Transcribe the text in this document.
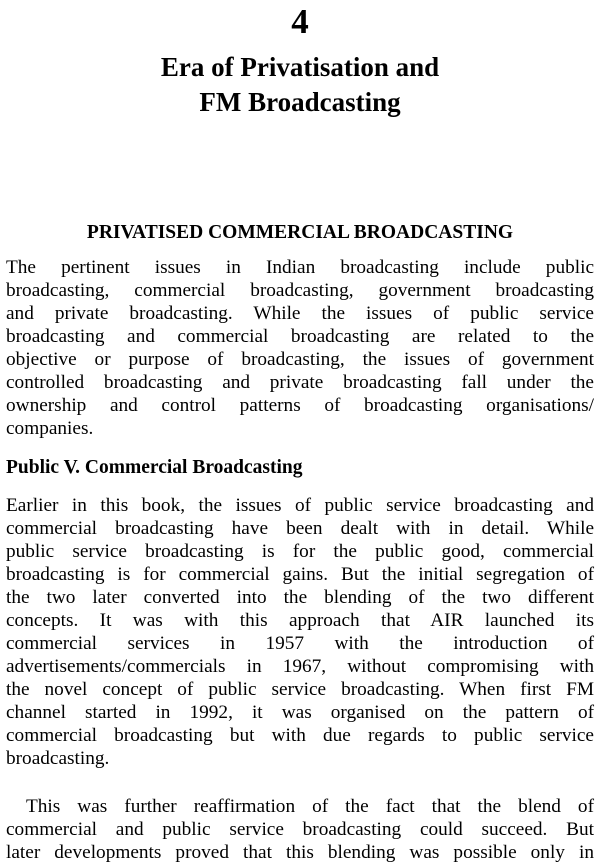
4
Era of Privatisation and
FM Broadcasting
PRIVATISED COMMERCIAL BROADCASTING
The pertinent issues in Indian broadcasting include public
broadcasting, commercial broadcasting, government broadcasting
and private broadcasting. While the issues of public service
broadcasting and commercial broadcasting are related to the
objective or purpose of broadcasting, the issues of government
controlled broadcasting and private broadcasting fall under the
ownership and control patterns of broadcasting organisations/
companies.
Public V. Commercial Broadcasting
Earlier in this book, the issues of public service broadcasting and
commercial broadcasting have been dealt with in detail. While
public service broadcasting is for the public good, commercial
broadcasting is for commercial gains. But the initial segregation of
the two later converted into the blending of the two different
concepts. It was with this approach that AIR launched its
commercial services in 1957 with the introduction of
advertisements/commercials in 1967, without compromising with
the novel concept of public service broadcasting. When first FM
channel started in 1992, it was organised on the pattern of
commercial broadcasting but with due regards to public service
broadcasting.
This was further reaffirmation of the fact that the blend of
commercial and public service broadcasting could succeed. But
later developments proved that this blending was possible only in
